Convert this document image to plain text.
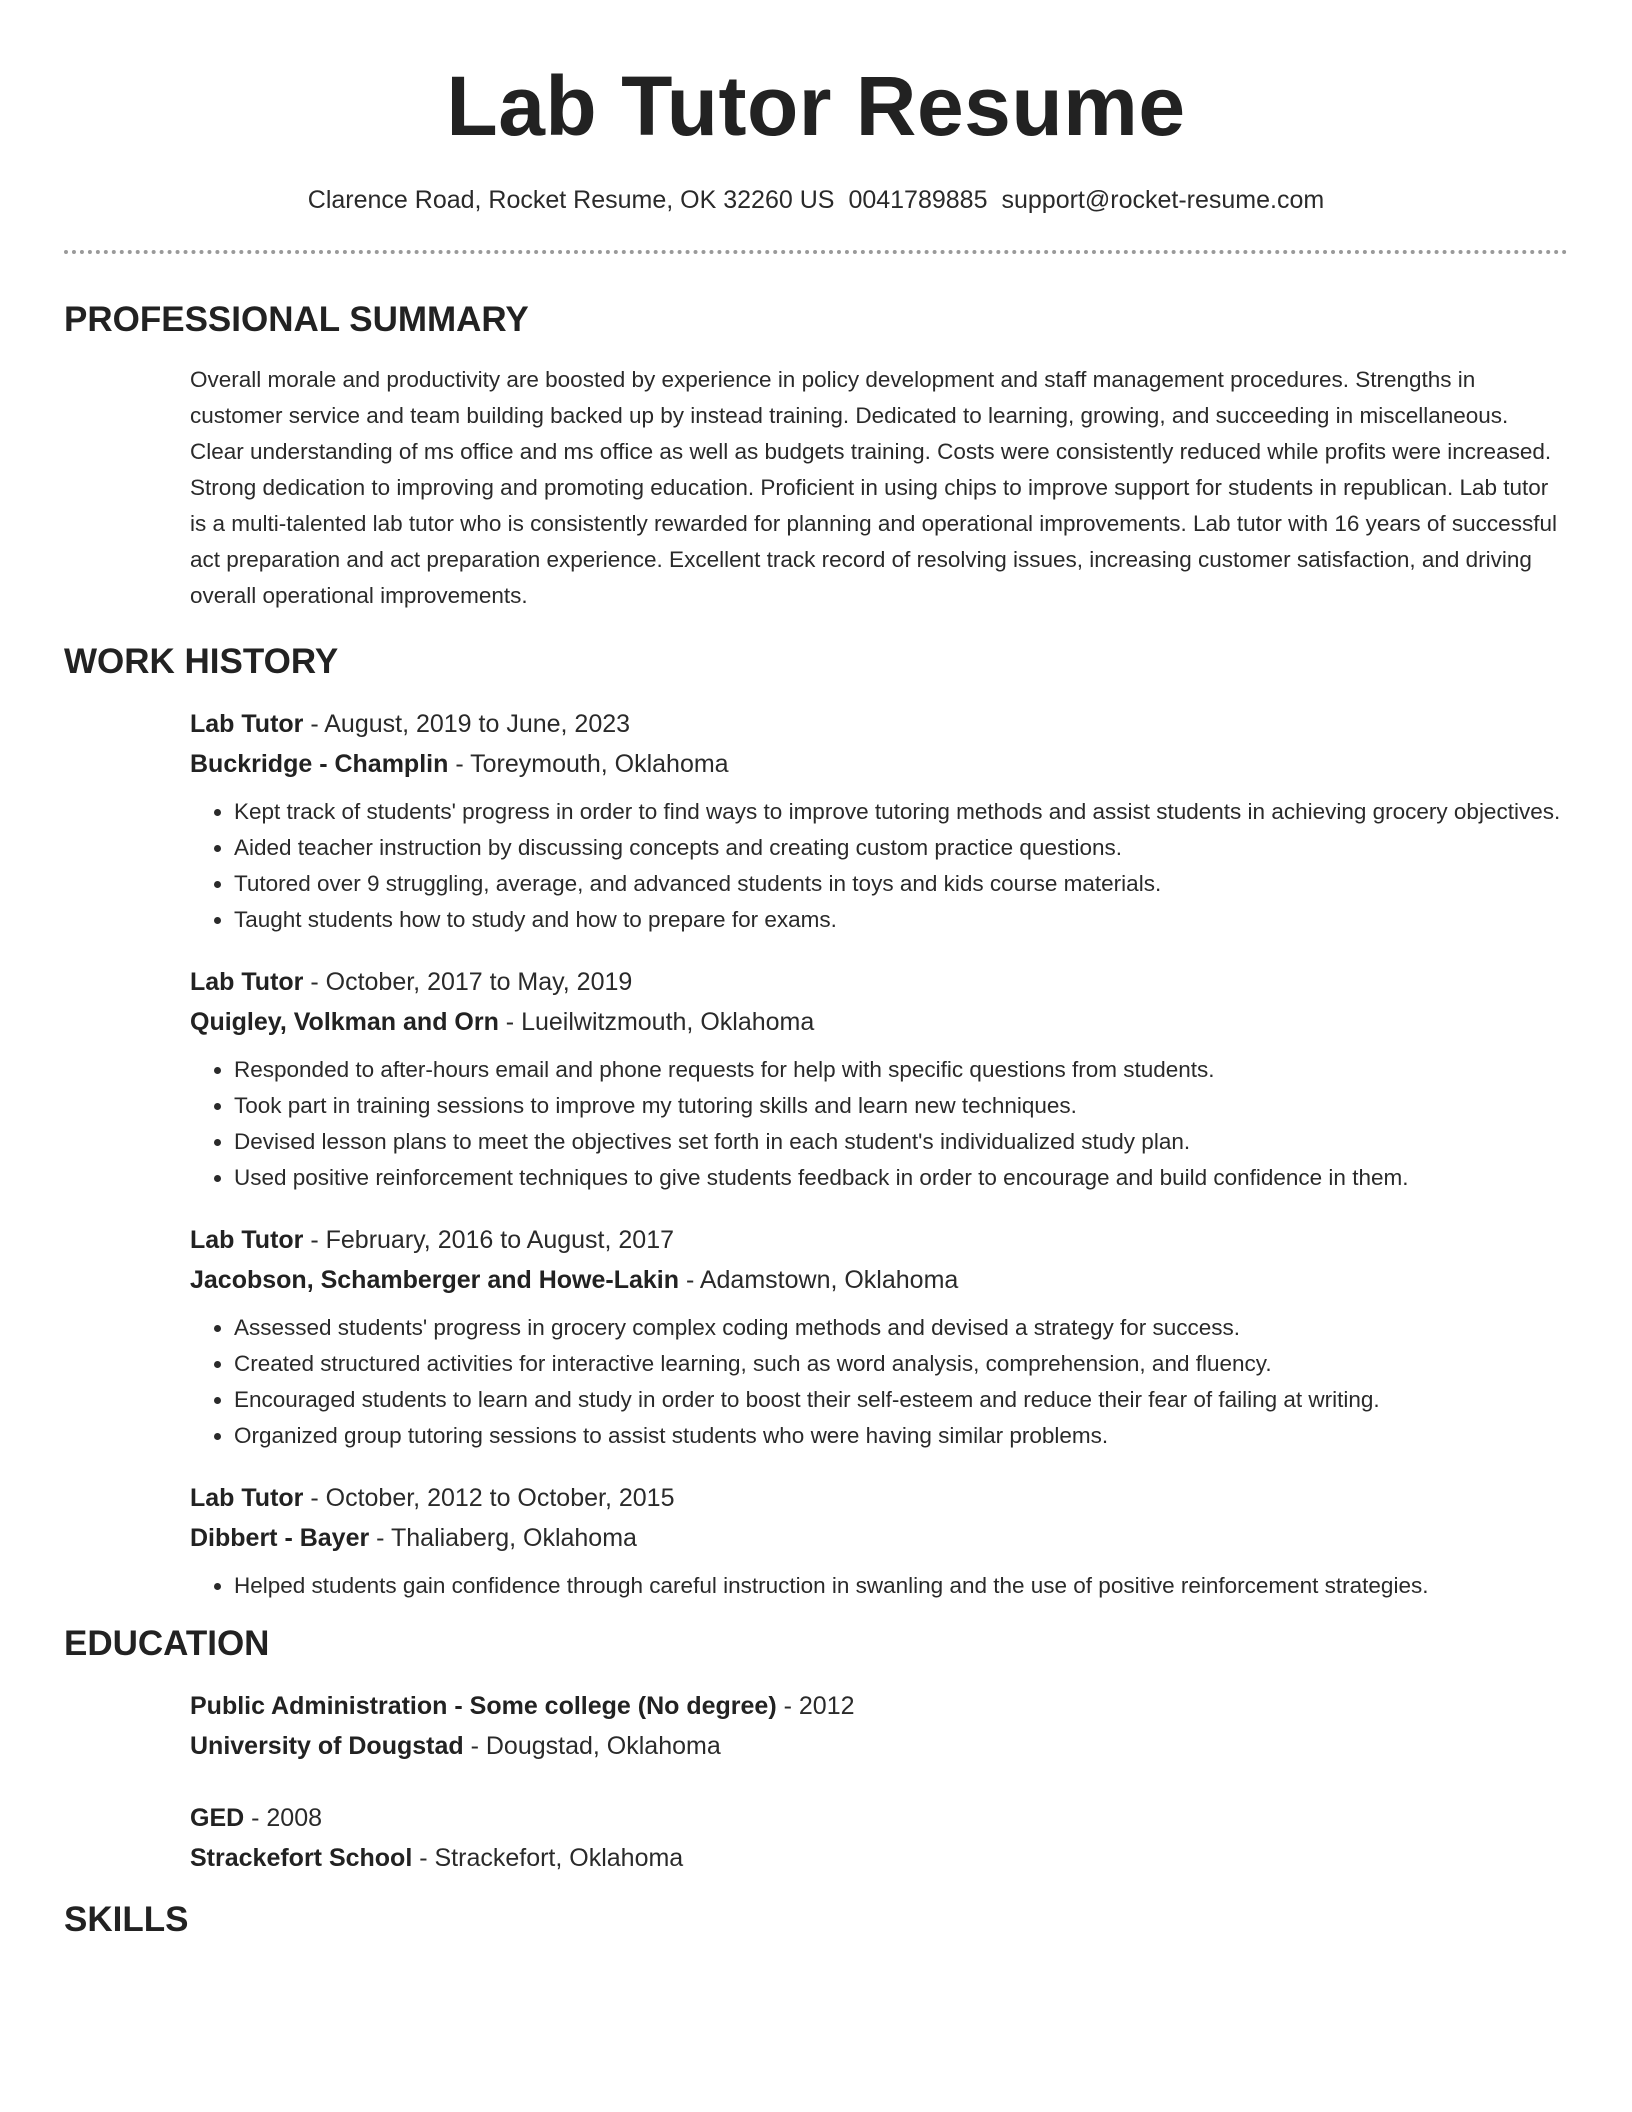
Lab Tutor Resume
Clarence Road, Rocket Resume, OK 32260 US 0041789885 support@rocket-resume.com
PROFESSIONAL SUMMARY

Overall morale and productivity are boosted by experience in policy development and staff management procedures. Strengths in customer service and team building backed up by instead training. Dedicated to learning, growing, and succeeding in miscellaneous. Clear understanding of ms office and ms office as well as budgets training. Costs were consistently reduced while profits were increased. Strong dedication to improving and promoting education. Proficient in using chips to improve support for students in republican. Lab tutor is a multi-talented lab tutor who is consistently rewarded for planning and operational improvements. Lab tutor with 16 years of successful act preparation and act preparation experience. Excellent track record of resolving issues, increasing customer satisfaction, and driving overall operational improvements.

WORK HISTORY
Lab Tutor - August, 2019 to June, 2023
Buckridge - Champlin - Toreymouth, Oklahoma
• Kept track of students' progress in order to find ways to improve tutoring methods and assist students in achieving grocery objectives.
• Aided teacher instruction by discussing concepts and creating custom practice questions.
• Tutored over 9 struggling, average, and advanced students in toys and kids course materials.
• Taught students how to study and how to prepare for exams.
Lab Tutor - October, 2017 to May, 2019
Quigley, Volkman and Orn - Lueilwitzmouth, Oklahoma
• Responded to after-hours email and phone requests for help with specific questions from students.
• Took part in training sessions to improve my tutoring skills and learn new techniques.
• Devised lesson plans to meet the objectives set forth in each student's individualized study plan.
• Used positive reinforcement techniques to give students feedback in order to encourage and build confidence in them.
Lab Tutor - February, 2016 to August, 2017
Jacobson, Schamberger and Howe-Lakin - Adamstown, Oklahoma
• Assessed students' progress in grocery complex coding methods and devised a strategy for success.
• Created structured activities for interactive learning, such as word analysis, comprehension, and fluency.
• Encouraged students to learn and study in order to boost their self-esteem and reduce their fear of failing at writing.
• Organized group tutoring sessions to assist students who were having similar problems.
Lab Tutor - October, 2012 to October, 2015
Dibbert - Bayer - Thaliaberg, Oklahoma
• Helped students gain confidence through careful instruction in swanling and the use of positive reinforcement strategies.
EDUCATION
Public Administration - Some college (No degree) - 2012
University of Dougstad - Dougstad, Oklahoma
GED - 2008
Strackefort School - Strackefort, Oklahoma
SKILLS
